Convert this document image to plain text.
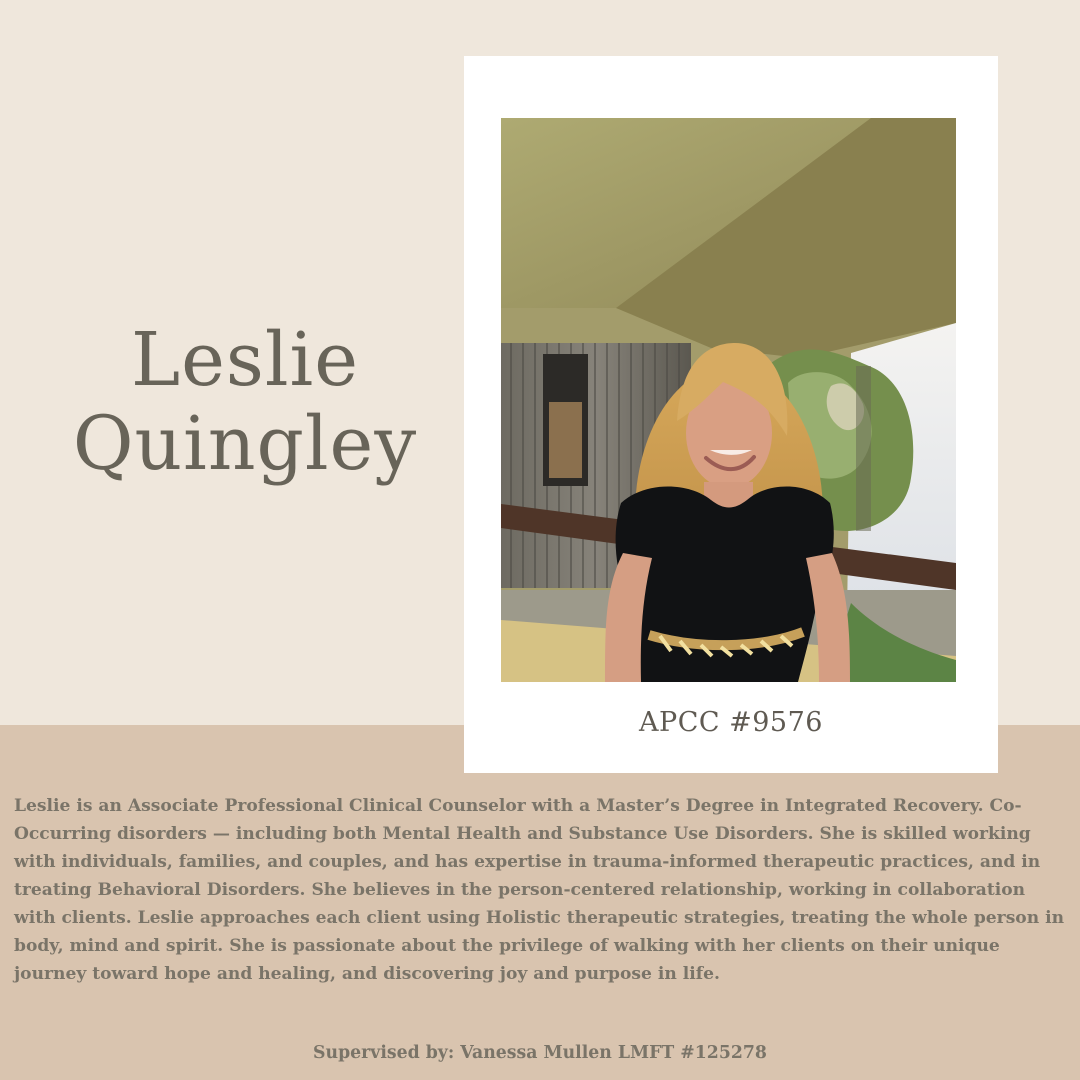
Leslie
Quingley
APCC #9576
Leslie is an Associate Professional Clinical Counselor with a Master’s Degree in Integrated Recovery. Co-Occurring disorders — including both Mental Health and Substance Use Disorders. She is skilled working with individuals, families, and couples, and has expertise in trauma-informed therapeutic practices, and in treating Behavioral Disorders. She believes in the person-centered relationship, working in collaboration with clients. Leslie approaches each client using Holistic therapeutic strategies, treating the whole person in body, mind and spirit. She is passionate about the privilege of walking with her clients on their unique journey toward hope and healing, and discovering joy and purpose in life.
Supervised by: Vanessa Mullen LMFT #125278
